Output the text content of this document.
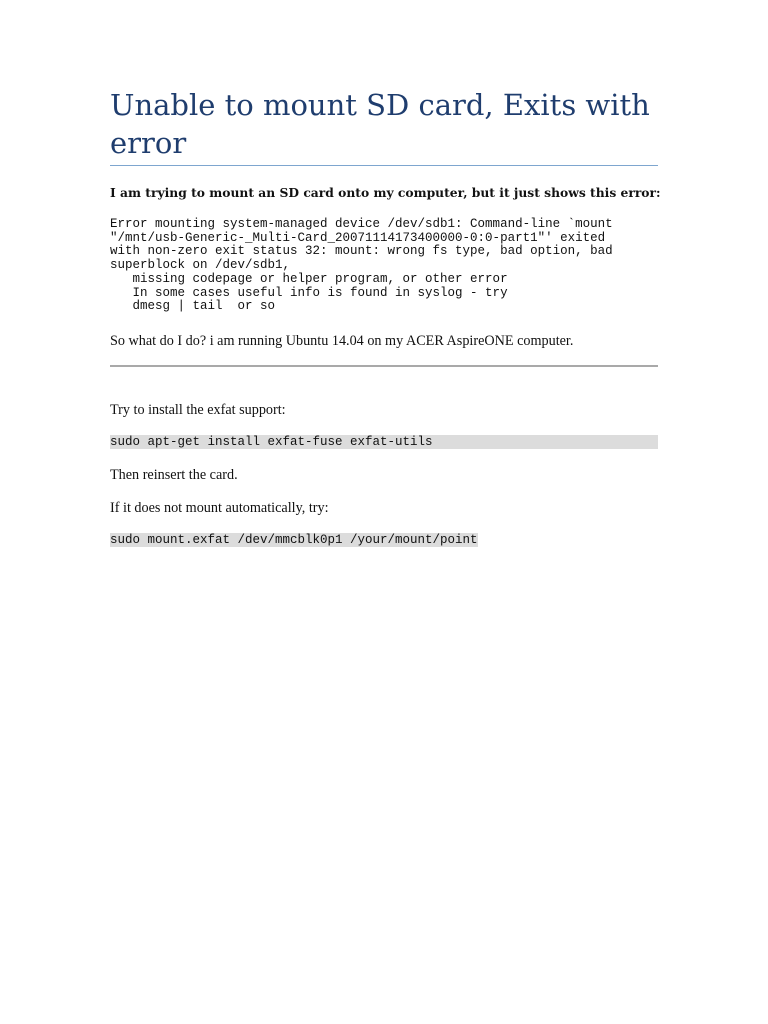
Unable to mount SD card, Exits with error

I am trying to mount an SD card onto my computer, but it just shows this error:

Error mounting system-managed device /dev/sdb1: Command-line `mount
"/mnt/usb-Generic-_Multi-Card_20071114173400000-0:0-part1"' exited
with non-zero exit status 32: mount: wrong fs type, bad option, bad
superblock on /dev/sdb1,
missing codepage or helper program, or other error
In some cases useful info is found in syslog - try
dmesg | tail  or so

So what do I do? i am running Ubuntu 14.04 on my ACER AspireONE computer.

Try to install the exfat support:

sudo apt-get install exfat-fuse exfat-utils

Then reinsert the card.

If it does not mount automatically, try:

sudo mount.exfat /dev/mmcblk0p1 /your/mount/point
